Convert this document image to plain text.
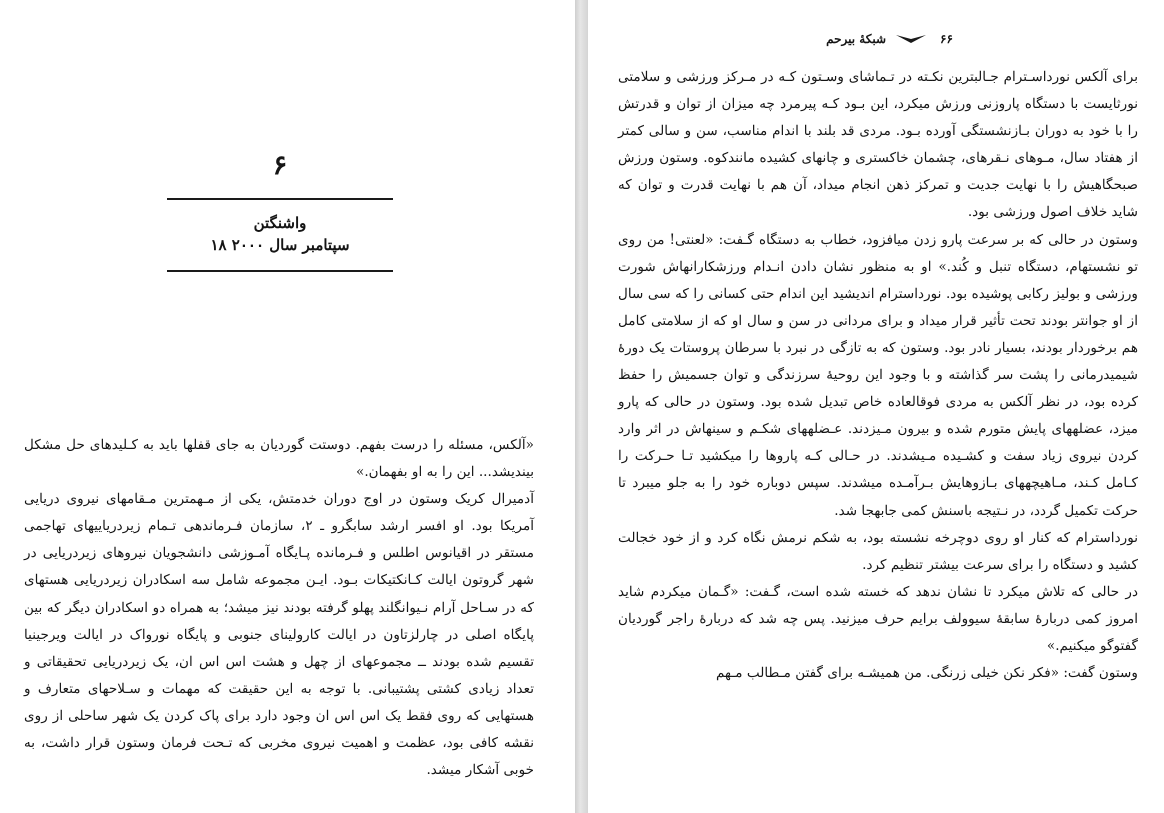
۶
واشنگتن
۱۸ سپتامبر سال ۲۰۰۰

«آلکس، مسئله را درست بفهم. دوستت گوردیان به جای قفلها باید به کـلیدهای حل مشکل بیندیشد... این را به او بفهمان.»

آدمیرال کریک وستون در اوج دوران خدمتش، یکی از مـهمترین مـقامهای نیروی دریایی آمریکا بود. او افسر ارشد سابگرو ـ ۲، سازمان فـرماندهی تـمام زیردریاییهای تهاجمی مستقر در اقیانوس اطلس و فـرمانده پـایگاه آمـوزشی دانشجویان نیروهای زیردریایی در شهر گروتون ایالت کـانکتیکات بـود. ایـن مجموعه شامل سه اسکادران زیردریایی هستهای که در سـاحل آرام نـیوانگلند پهلو گرفته بودند نیز میشد؛ به همراه دو اسکادران دیگر که بین پایگاه اصلی در چارلزتاون در ایالت کارولینای جنوبی و پایگاه نورواک در ایالت ویرجینیا تقسیم شده بودند ــ مجموعهای از چهل و هشت اس اس ان، یک زیردریایی تحقیقاتی و تعداد زیادی کشتی پشتیبانی. با توجه به این حقیقت که مهمات و سـلاحهای متعارف و هستهایی که روی فقط یک اس اس ان وجود دارد برای پاک کردن یک شهر ساحلی از روی نقشه کافی بود، عظمت و اهمیت نیروی مخربی که تـحت فرمان وستون قرار داشت، به خوبی آشکار میشد.

۶۶
شبکهٔ بیرحم

برای آلکس نورداسـترام جـالبترین نکـته در تـماشای وسـتون کـه در مـرکز ورزشی و سلامتی نورثایست با دستگاه پاروزنی ورزش میکرد، این بـود کـه پیرمرد چه میزان از توان و قدرتش را با خود به دوران بـازنشستگی آورده بـود. مردی قد بلند با اندام مناسب، سن و سالی کمتر از هفتاد سال، مـوهای نـقرهای، چشمان خاکستری و چانهای کشیده مانندکوه. وستون ورزش صبحگاهیش را با نهایت جدیت و تمرکز ذهن انجام میداد، آن هم با نهایت قدرت و توان که شاید خلاف اصول ورزشی بود.

وستون در حالی که بر سرعت پارو زدن میافزود، خطاب به دستگاه گـفت: «لعنتی! من روی تو نشستهام، دستگاه تنبل و کُند.» او به منظور نشان دادن انـدام ورزشکارانهاش شورت ورزشی و بولیز رکابی پوشیده بود. نورداسترام اندیشید این اندام حتی کسانی را که سی سال از او جوانتر بودند تحت تأثیر قرار میداد و برای مردانی در سن و سال او که از سلامتی کامل هم برخوردار بودند، بسیار نادر بود. وستون که به تازگی در نبرد با سرطان پروستات یک دورهٔ شیمیدرمانی را پشت سر گذاشته و با وجود این روحیهٔ سرزندگی و توان جسمیش را حفظ کرده بود، در نظر آلکس به مردی فوقالعاده خاص تبدیل شده بود. وستون در حالی که پارو میزد، عضلههای پایش متورم شده و بیرون مـیزدند. عـضلههای شکـم و سینهاش در اثر وارد کردن نیروی زیاد سفت و کشـیده مـیشدند. در حـالی کـه پاروها را میکشید تـا حـرکت را کـامل کـند، مـاهیچههای بـازوهایش بـرآمـده میشدند. سپس دوباره خود را به جلو میبرد تا حرکت تکمیل گردد، در نـتیجه باسنش کمی جابهجا شد.

نورداسترام که کنار او روی دوچرخه نشسته بود، به شکم نرمش نگاه کرد و از خود خجالت کشید و دستگاه را برای سرعت بیشتر تنظیم کرد.

در حالی که تلاش میکرد تا نشان ندهد که خسته شده است، گـفت: «گـمان میکردم شاید امروز کمی دربارهٔ سابقهٔ سیوولف برایم حرف میزنید. پس چه شد که دربارهٔ راجر گوردیان گفتوگو میکنیم.»

وستون گفت: «فکر نکن خیلی زرنگی. من همیشـه برای گفتن مـطالب مـهم
